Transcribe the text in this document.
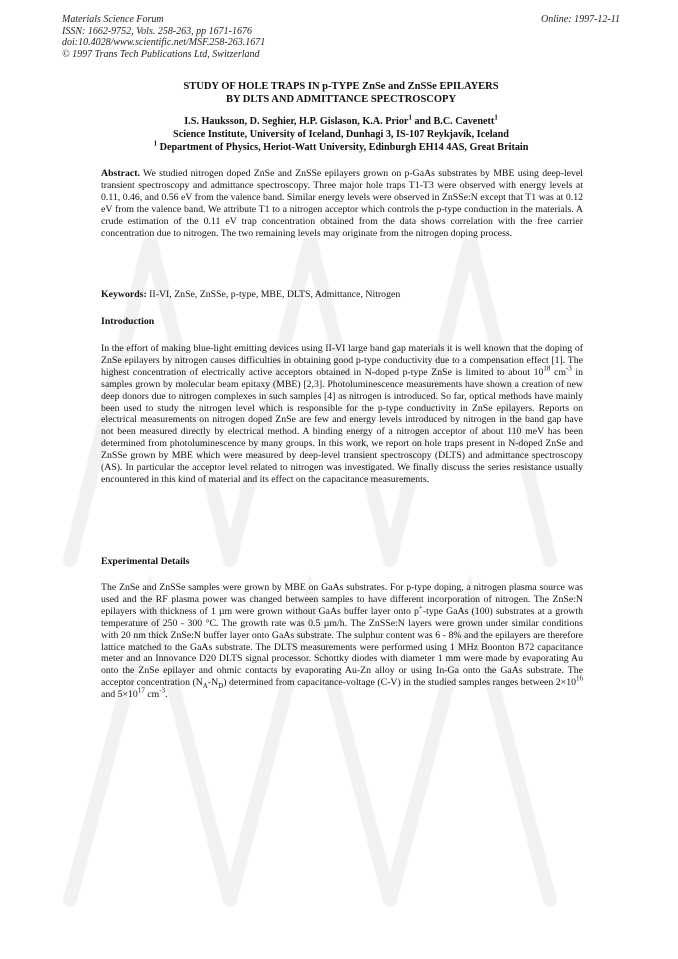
Materials Science Forum
ISSN: 1662-9752, Vols. 258-263, pp 1671-1676
doi:10.4028/www.scientific.net/MSF.258-263.1671
© 1997 Trans Tech Publications Ltd, Switzerland
Online: 1997-12-11
STUDY OF HOLE TRAPS IN p-TYPE ZnSe and ZnSSe EPILAYERS
BY DLTS AND ADMITTANCE SPECTROSCOPY
I.S. Hauksson, D. Seghier, H.P. Gislason, K.A. Prior$^1$ and B.C. Cavenett$^1$
Science Institute, University of Iceland, Dunhagi 3, IS-107 Reykjavík, Iceland
$^1$ Department of Physics, Heriot-Watt University, Edinburgh EH14 4AS, Great Britain
Abstract. We studied nitrogen doped ZnSe and ZnSSe epilayers grown on p-GaAs substrates by MBE using deep-level transient spectroscopy and admittance spectroscopy. Three major hole traps T1-T3 were observed with energy levels at 0.11, 0.46, and 0.56 eV from the valence band. Similar energy levels were observed in ZnSSe:N except that T1 was at 0.12 eV from the valence band. We attribute T1 to a nitrogen acceptor which controls the p-type conduction in the materials. A crude estimation of the 0.11 eV trap concentration obtained from the data shows correlation with the free carrier concentration due to nitrogen. The two remaining levels may originate from the nitrogen doping process.
Keywords: II-VI, ZnSe, ZnSSe, p-type, MBE, DLTS, Admittance, Nitrogen
Introduction
In the effort of making blue-light emitting devices using II-VI large band gap materials it is well known that the doping of ZnSe epilayers by nitrogen causes difficulties in obtaining good p-type conductivity due to a compensation effect [1]. The highest concentration of electrically active acceptors obtained in N-doped p-type ZnSe is limited to about $10^{18}$ $cm^{-3}$ in samples grown by molecular beam epitaxy (MBE) [2,3]. Photoluminescence measurements have shown a creation of new deep donors due to nitrogen complexes in such samples [4] as nitrogen is introduced. So far, optical methods have mainly been used to study the nitrogen level which is responsible for the p-type conductivity in ZnSe epilayers. Reports on electrical measurements on nitrogen doped ZnSe are few and energy levels introduced by nitrogen in the band gap have not been measured directly by electrical method. A binding energy of a nitrogen acceptor of about 110 meV has been determined from photoluminescence by many groups. In this work, we report on hole traps present in N-doped ZnSe and ZnSSe grown by MBE which were measured by deep-level transient spectroscopy (DLTS) and admittance spectroscopy (AS). In particular the acceptor level related to nitrogen was investigated. We finally discuss the series resistance usually encountered in this kind of material and its effect on the capacitance measurements.
Experimental Details
The ZnSe and ZnSSe samples were grown by MBE on GaAs substrates. For p-type doping, a nitrogen plasma source was used and the RF plasma power was changed between samples to have different incorporation of nitrogen. The ZnSe:N epilayers with thickness of 1 µm were grown without GaAs buffer layer onto p+-type GaAs (100) substrates at a growth temperature of 250 - 300 °C. The growth rate was 0.5 µm/h. The ZnSSe:N layers were grown under similar conditions with 20 nm thick ZnSe:N buffer layer onto GaAs substrate. The sulphur content was 6 - 8% and the epilayers are therefore lattice matched to the GaAs substrate. The DLTS measurements were performed using 1 MHz Boonton B72 capacitance meter and an Innovance D20 DLTS signal processor. Schottky diodes with diameter 1 mm were made by evaporating Au onto the ZnSe epilayer and ohmic contacts by evaporating Au-Zn alloy or using In-Ga onto the GaAs substrate. The acceptor concentration $(N_A-N_D)$ determined from capacitance-voltage (C-V) in the studied samples ranges between $2\times 10^{16}$ and $5\times 10^{17}$ $cm^{-3}$.
